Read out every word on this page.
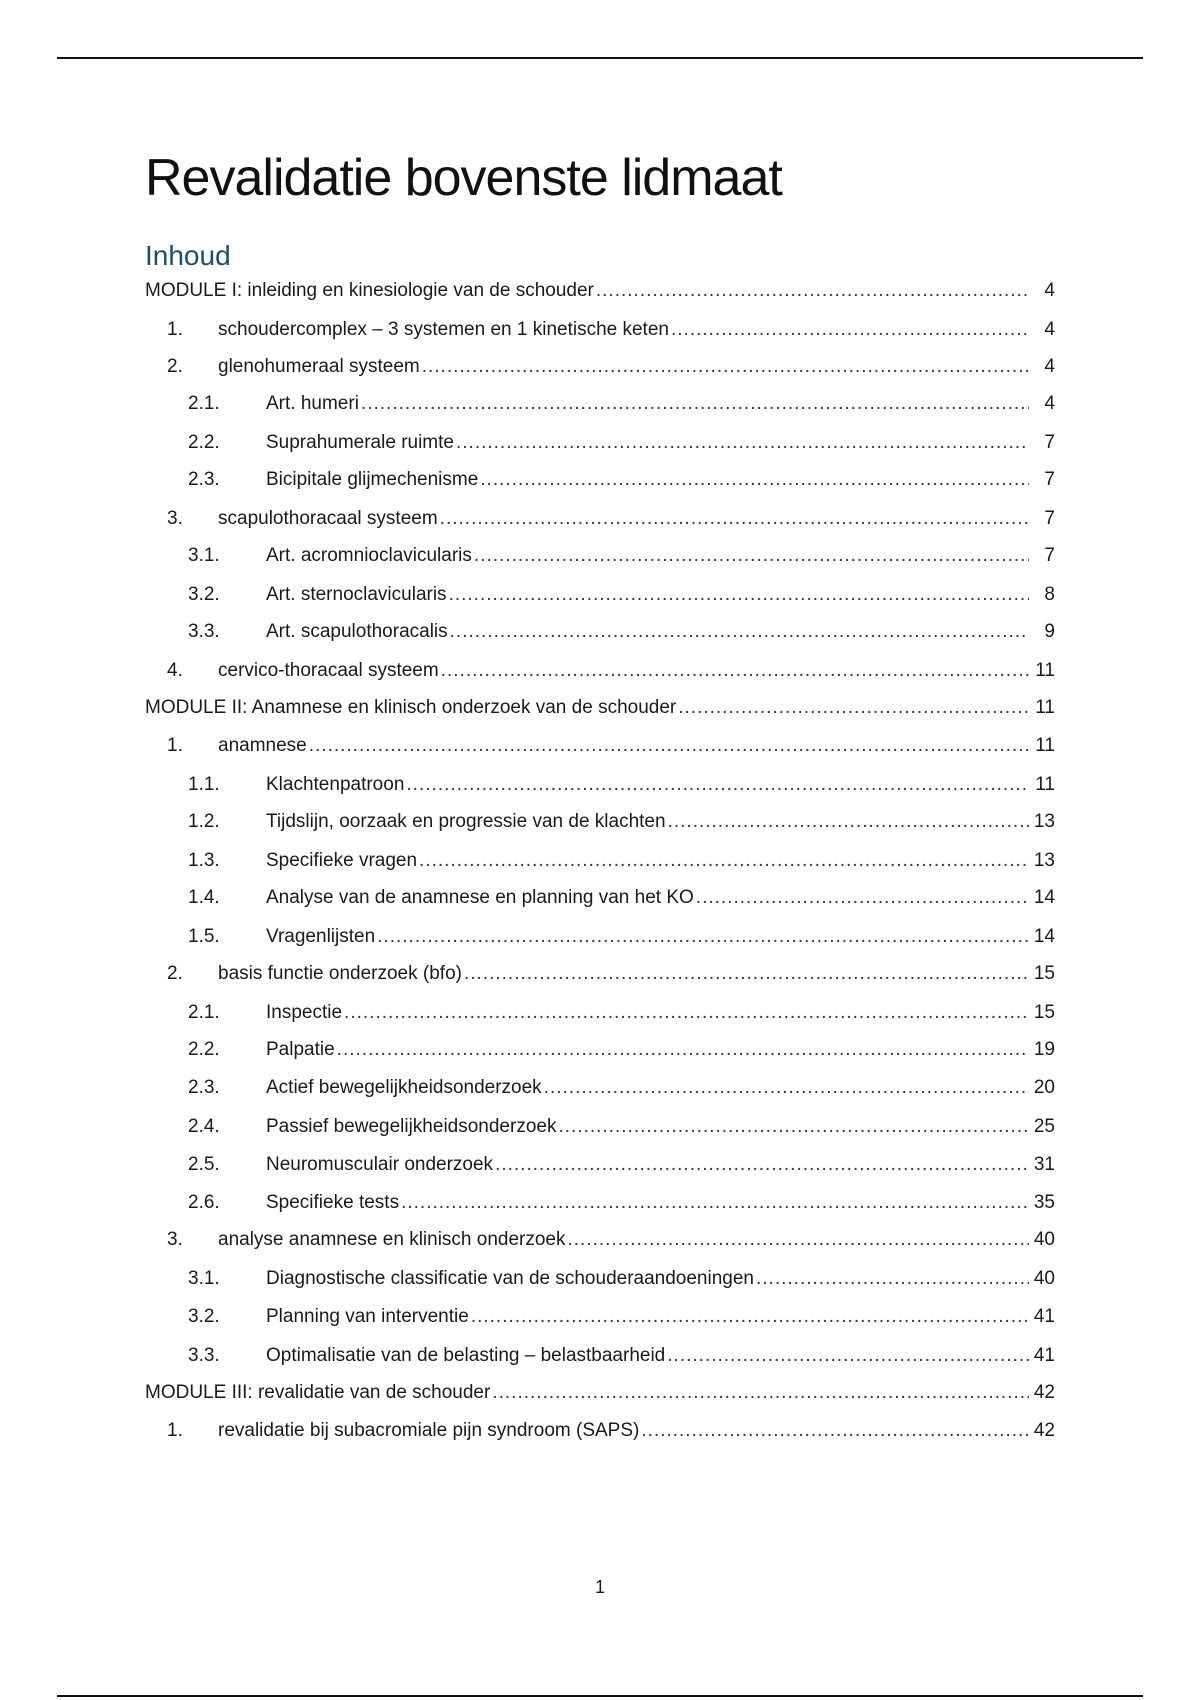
Revalidatie bovenste lidmaat
Inhoud
MODULE I: inleiding en kinesiologie van de schouder .....	4
1. schoudercomplex – 3 systemen en 1 kinetische keten .....	4
2. glenohumeraal systeem .....	4
2.1. Art. humeri .....	4
2.2. Suprahumerale ruimte .....	7
2.3. Bicipitale glijmechenisme .....	7
3. scapulothoracaal systeem .....	7
3.1. Art. acromnioclavicularis .....	7
3.2. Art. sternoclavicularis .....	8
3.3. Art. scapulothoracalis .....	9
4. cervico-thoracaal systeem .....	11
MODULE II: Anamnese en klinisch onderzoek van de schouder .....	11
1. anamnese .....	11
1.1. Klachtenpatroon .....	11
1.2. Tijdslijn, oorzaak en progressie van de klachten .....	13
1.3. Specifieke vragen .....	13
1.4. Analyse van de anamnese en planning van het KO .....	14
1.5. Vragenlijsten .....	14
2. basis functie onderzoek (bfo) .....	15
2.1. Inspectie .....	15
2.2. Palpatie .....	19
2.3. Actief bewegelijkheidsonderzoek .....	20
2.4. Passief bewegelijkheidsonderzoek .....	25
2.5. Neuromusculair onderzoek .....	31
2.6. Specifieke tests .....	35
3. analyse anamnese en klinisch onderzoek .....	40
3.1. Diagnostische classificatie van de schouderaandoeningen .....	40
3.2. Planning van interventie .....	41
3.3. Optimalisatie van de belasting – belastbaarheid .....	41
MODULE III: revalidatie van de schouder .....	42
1. revalidatie bij subacromiale pijn syndroom (SAPS) .....	42
1
